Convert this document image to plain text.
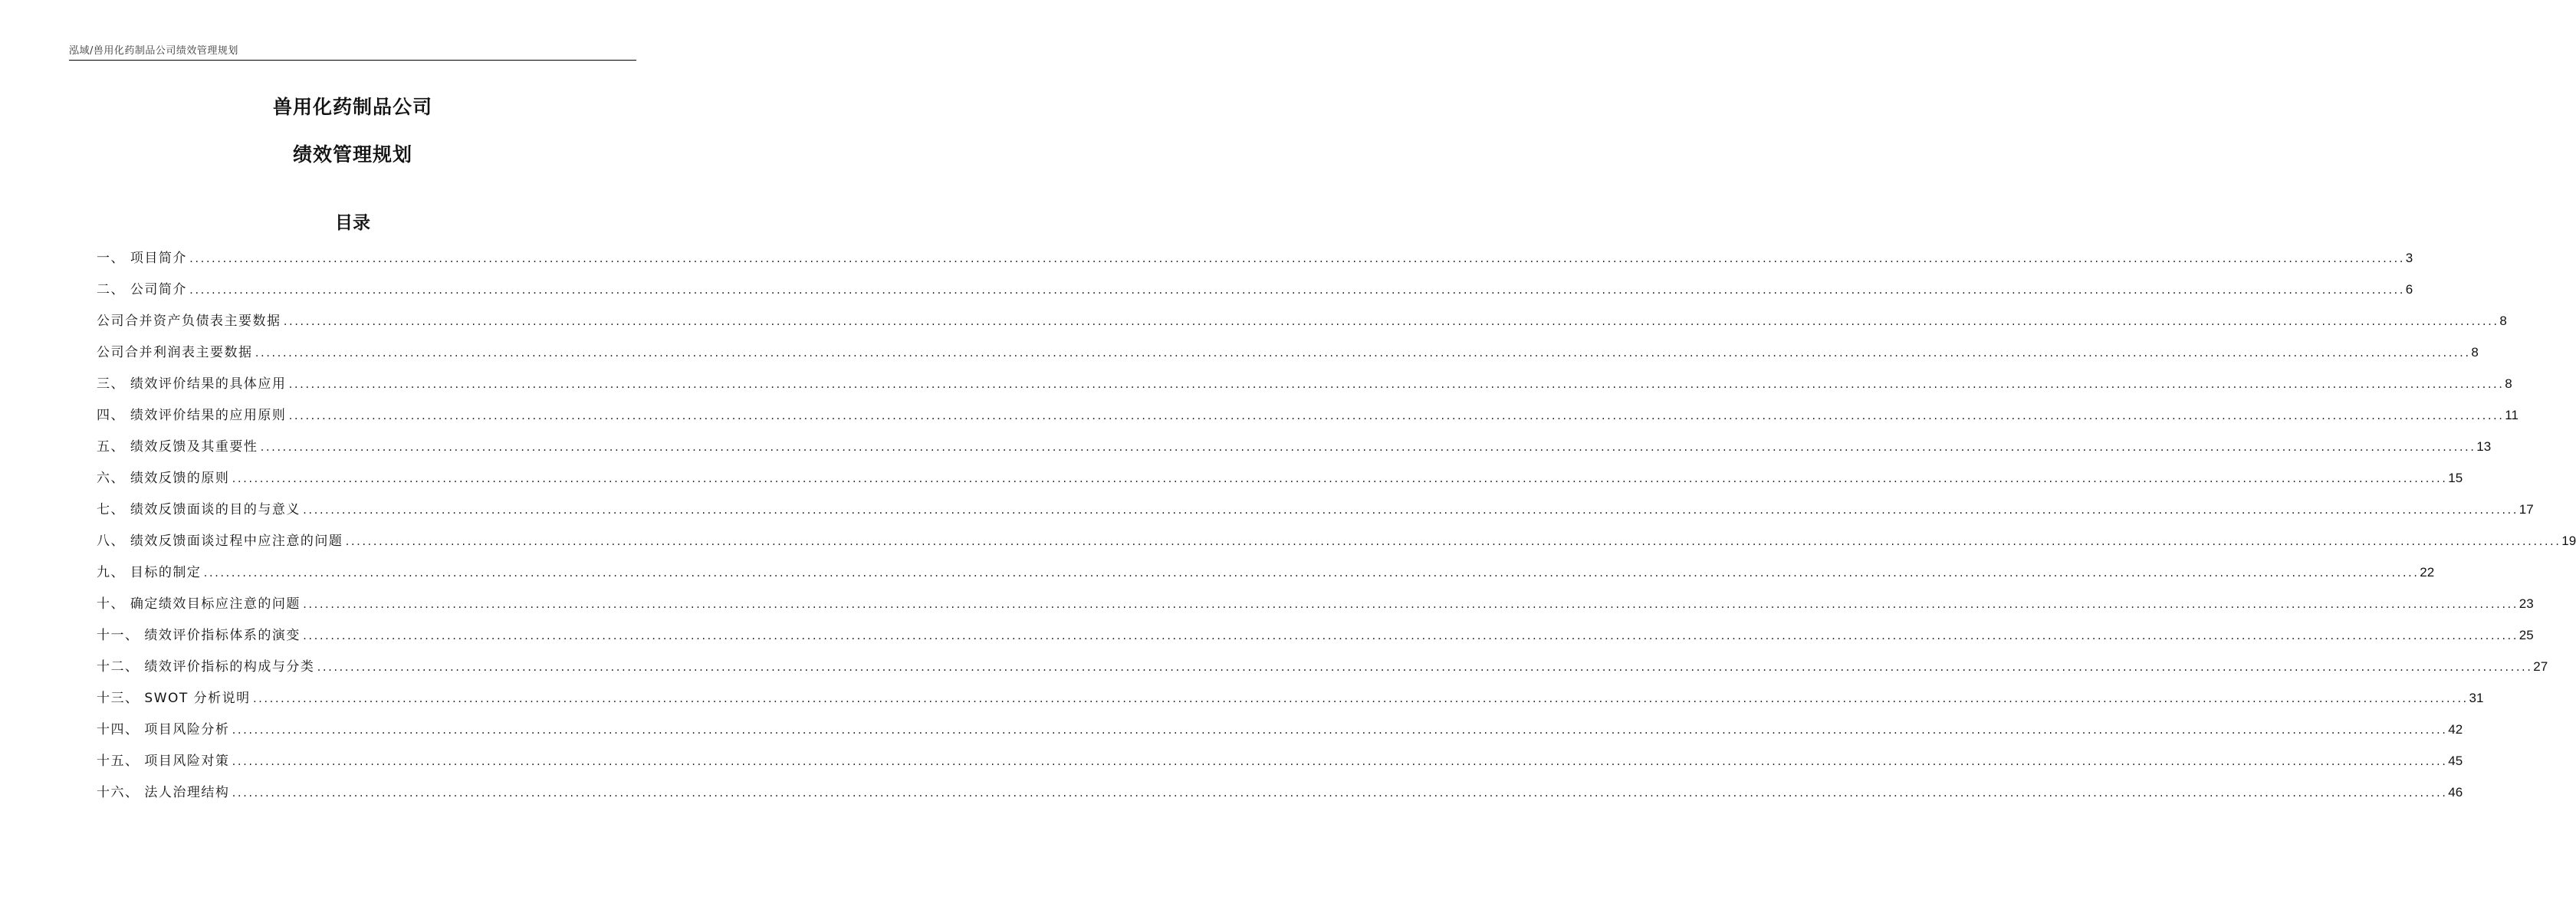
泓域/兽用化药制品公司绩效管理规划
兽用化药制品公司
绩效管理规划
目录
一、 项目简介 ................................................................................................................................................................................................................................................................................................................................................................................................................ 3
二、 公司简介 ................................................................................................................................................................................................................................................................................................................................................................................................................ 6
公司合并资产负债表主要数据 ................................................................................................................................................................................................................................................................................................................................................................................................................ 8
公司合并利润表主要数据 ................................................................................................................................................................................................................................................................................................................................................................................................................ 8
三、 绩效评价结果的具体应用 ................................................................................................................................................................................................................................................................................................................................................................................................................ 8
四、 绩效评价结果的应用原则 ................................................................................................................................................................................................................................................................................................................................................................................................................ 11
五、 绩效反馈及其重要性 ................................................................................................................................................................................................................................................................................................................................................................................................................ 13
六、 绩效反馈的原则 ................................................................................................................................................................................................................................................................................................................................................................................................................ 15
七、 绩效反馈面谈的目的与意义 ................................................................................................................................................................................................................................................................................................................................................................................................................ 17
八、 绩效反馈面谈过程中应注意的问题 ................................................................................................................................................................................................................................................................................................................................................................................................................ 19
九、 目标的制定 ................................................................................................................................................................................................................................................................................................................................................................................................................ 22
十、 确定绩效目标应注意的问题 ................................................................................................................................................................................................................................................................................................................................................................................................................ 23
十一、 绩效评价指标体系的演变 ................................................................................................................................................................................................................................................................................................................................................................................................................ 25
十二、 绩效评价指标的构成与分类 ................................................................................................................................................................................................................................................................................................................................................................................................................ 27
十三、 SWOT 分析说明 ................................................................................................................................................................................................................................................................................................................................................................................................................ 31
十四、 项目风险分析 ................................................................................................................................................................................................................................................................................................................................................................................................................ 42
十五、 项目风险对策 ................................................................................................................................................................................................................................................................................................................................................................................................................ 45
十六、 法人治理结构 ................................................................................................................................................................................................................................................................................................................................................................................................................ 46
